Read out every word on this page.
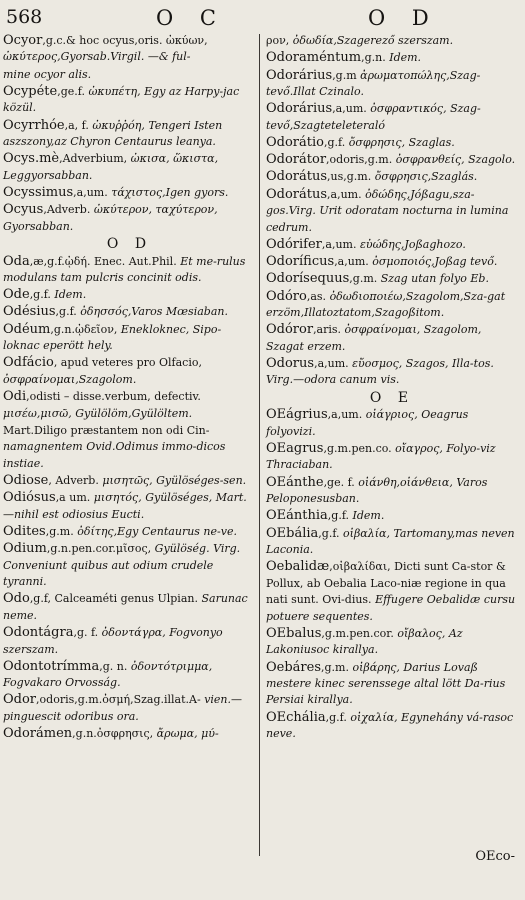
568	O C	O D
Ocyor,g.c.& hoc ocyus,oris. ὠκύων, ὠκύτερος,Gyorsab.Virgil. —& ful-
mine ocyor alis.
Ocypéte,ge.f. ὠκυπέτη, Egy az Harpy-jac közül.
Ocyrrhóe,a, f. ὠκυῤῥόη, Tengeri Isten aszszony,az Chyron Centaurus leanya.
Ocys.mè,Adverbium, ὠκισα, ὥκιστα, Leggyorsabban.
Ocyssimus,a,um. τάχιστος,Igen gyors.
Ocyus,Adverb. ὠκύτερον, ταχύτερον, Gyorsabban.
O D
Oda,æ,g.f.ᾠδή. Enec. Aut.Phil. Et me-rulus modulans tam pulcris concinit odis.
Ode,g.f. Idem.
Odésius,g.f. ὀδησσός,Varos Mœsiaban.
Odéum,g.n.ᾠδεῖον, Enekloknec, Sipo-loknac eperött hely.
Odfácio, apud veteres pro Olfacio, ὀσφραίνομαι,Szagolom.
Odi,odisti – disse.verbum, defectiv. μισέω,μισῶ, Gyülölöm,Gyülöltem.
Mart.Diligo præstantem non odi Cin- namagnentem Ovid.Odimus immo-dicos instiae.
Odiose, Adverb. μισητῶς, Gyülöséges-sen.
Odiósus,a um. μισητός, Gyülöséges, Mart.—nihil est odiosius Eucti.
Odites,g.m. ὀδίτης,Egy Centaurus ne-ve.
Odium,g.n.pen.cor.μῖσος, Gyülöség. Virg. Conveniunt quibus aut odium crudele tyranni.
Odo,g.f, Calceaméti genus Ulpian. Sarunac neme.
Odontágra,g. f. ὀδοντάγρα, Fogvonyo szerszam.
Odontotrímma,g. n. ὀδοντότριμμα, Fogvakaro Orvosság.
Odor,odoris,g.m.ὀσμή,Szag.illat.A- vien.—pinguescit odoribus ora.
Odorámen,g.n.ὀσφρησις, ἄρωμα, μύ-
ρον, ὀδωδία,Szagerező szerszam.
Odoraméntum,g.n. Idem.
Odorárius,g.m ἀρωματοπώλης,Szag-tevő.Illat Czinalo.
Odorárius,a,um. ὀσφραντικός, Szag-tevő,Szagteteleteraló
Odorátio,g.f. ὄσφρησις, Szaglas.
Odorátor,odoris,g.m. ὀσφρανθείς, Szagolo.
Odorátus,us,g.m. ὄσφρησις,Szaglás.
Odorátus,a,um. ὀδώδης,Jóßagu,sza-gos.Virg. Urit odoratam nocturna in lumina cedrum.
Odórifer,a,um. εὐώδης,Joßaghozo.
Odoríficus,a,um. ὀσμοποιός,Joßag tevő.
Odorísequus,g.m. Szag utan folyo Eb.
Odóro,as. ὀδωδιοποιέω,Szagolom,Sza-gat erzöm,Illatoztatom,Szagoßitom.
Odóror,aris. ὀσφραίνομαι, Szagolom, Szagat erzem.
Odorus,a,um. εὔοσμος, Szagos, Illa-tos. Virg.—odora canum vis.
O E
OEágrius,a,um. οἰάγριος, Oeagrus folyovizi.
OEagrus,g.m.pen.co. οἴαγρος, Folyo-viz Thraciaban.
OEánthe,ge. f. οἰάνθη,οἰάνθεια, Varos Peloponesusban.
OEánthia,g.f. Idem.
OEbália,g.f. οἰβαλία, Tartomany,mas neven Laconia.
Oebalidæ,οἰβαλίδαι, Dicti sunt Ca-stor & Pollux, ab Oebalia Laco-niæ regione in qua nati sunt. Ovi-dius. Effugere Oebalidæ cursu potuere sequentes.
OEbalus,g.m.pen.cor. οἴβαλος, Az Lakoniusoc kirallya.
Oebáres,g.m. οἰβάρης, Darius Lovaß mestere kinec serenssege altal lött Da-rius Persiai kirallya.
OEchália,g.f. οἰχαλία, Egynehány vá-rasoc neve.
OEco-
